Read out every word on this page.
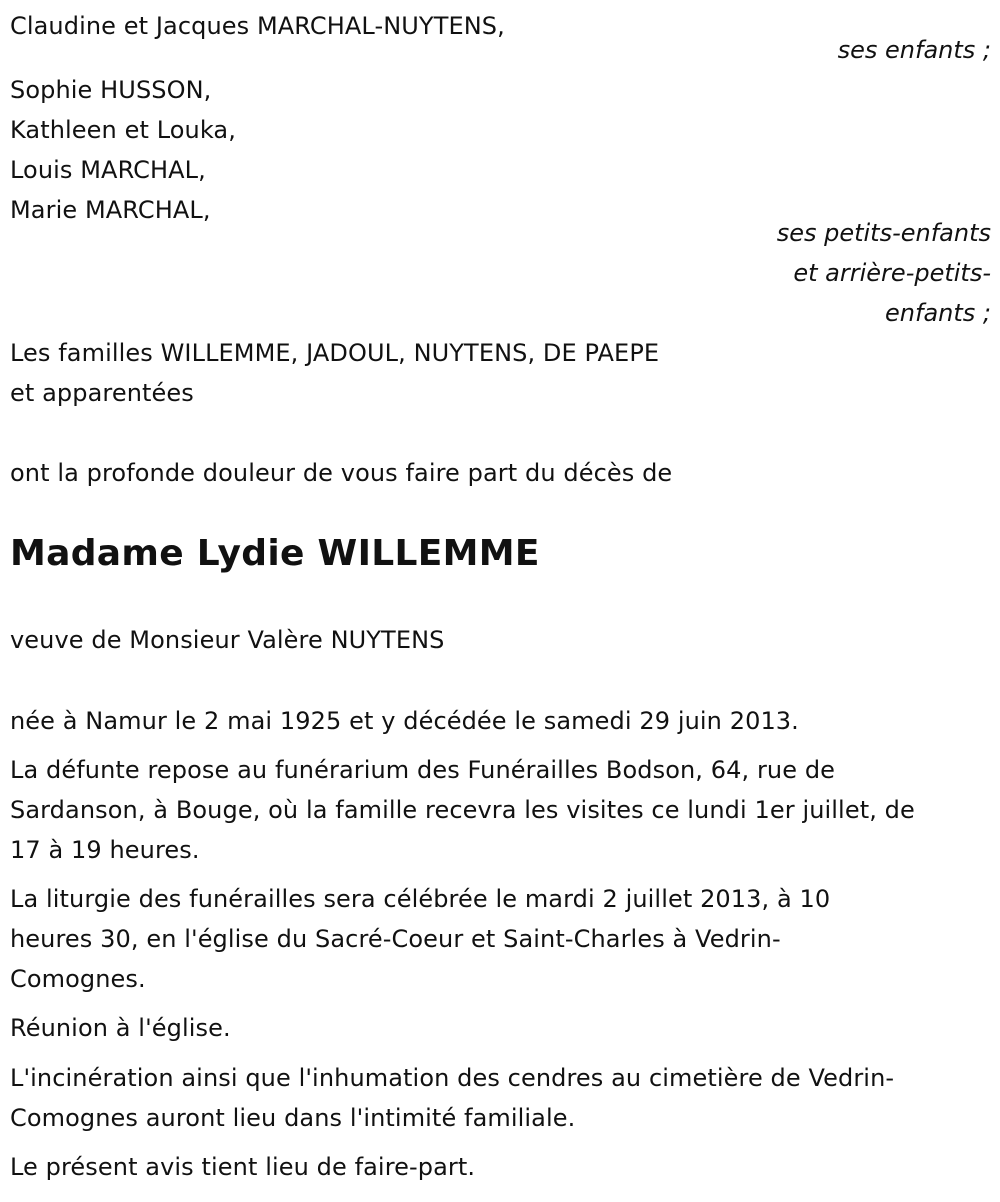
Claudine et Jacques MARCHAL-NUYTENS,
ses enfants ;
Sophie HUSSON,
Kathleen et Louka,
Louis MARCHAL,
Marie MARCHAL,
ses petits-enfants
et arrière-petits-
enfants ;
Les familles WILLEMME, JADOUL, NUYTENS, DE PAEPE
et apparentées
ont la profonde douleur de vous faire part du décès de
Madame Lydie WILLEMME
veuve de Monsieur Valère NUYTENS
née à Namur le 2 mai 1925 et y décédée le samedi 29 juin 2013.
La défunte repose au funérarium des Funérailles Bodson, 64, rue de
Sardanson, à Bouge, où la famille recevra les visites ce lundi 1er juillet, de
17 à 19 heures.
La liturgie des funérailles sera célébrée le mardi 2 juillet 2013, à 10
heures 30, en l'église du Sacré-Coeur et Saint-Charles à Vedrin-
Comognes.
Réunion à l'église.
L'incinération ainsi que l'inhumation des cendres au cimetière de Vedrin-
Comognes auront lieu dans l'intimité familiale.
Le présent avis tient lieu de faire-part.
